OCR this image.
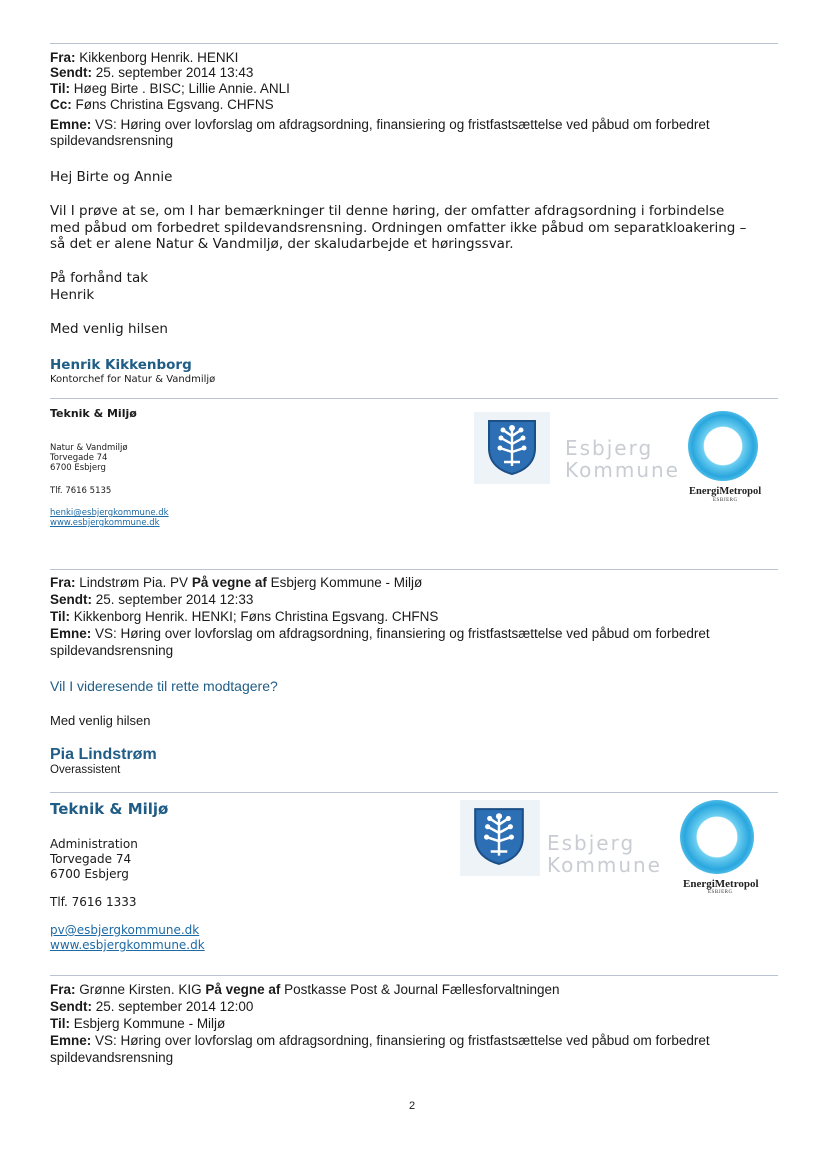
Fra: Kikkenborg Henrik. HENKI
Sendt: 25. september 2014 13:43
Til: Høeg Birte . BISC; Lillie Annie. ANLI
Cc: Føns Christina Egsvang. CHFNS
Emne: VS: Høring over lovforslag om afdragsordning, finansiering og fristfastsættelse ved påbud om forbedret
spildevandsrensning
Hej Birte og Annie
Vil I prøve at se, om I har bemærkninger til denne høring, der omfatter afdragsordning i forbindelse
med påbud om forbedret spildevandsrensning. Ordningen omfatter ikke påbud om separatkloakering –
så det er alene Natur & Vandmiljø, der skaludarbejde et høringssvar.
På forhånd tak
Henrik
Med venlig hilsen
Henrik Kikkenborg
Kontorchef for Natur & Vandmiljø
Teknik & Miljø
Natur & Vandmiljø
Torvegade 74
6700 Esbjerg
Tlf. 7616 5135
henki@esbjergkommune.dk
www.esbjergkommune.dk
Esbjerg
Kommune
EnergiMetropol
ESBJERG
Fra: Lindstrøm Pia. PV På vegne af Esbjerg Kommune - Miljø
Sendt: 25. september 2014 12:33
Til: Kikkenborg Henrik. HENKI; Føns Christina Egsvang. CHFNS
Emne: VS: Høring over lovforslag om afdragsordning, finansiering og fristfastsættelse ved påbud om forbedret
spildevandsrensning
Vil I videresende til rette modtagere?
Med venlig hilsen
Pia Lindstrøm
Overassistent
Teknik & Miljø
Administration
Torvegade 74
6700 Esbjerg
Tlf. 7616 1333
pv@esbjergkommune.dk
www.esbjergkommune.dk
Esbjerg
Kommune
EnergiMetropol
ESBJERG
Fra: Grønne Kirsten. KIG På vegne af Postkasse Post & Journal Fællesforvaltningen
Sendt: 25. september 2014 12:00
Til: Esbjerg Kommune - Miljø
Emne: VS: Høring over lovforslag om afdragsordning, finansiering og fristfastsættelse ved påbud om forbedret
spildevandsrensning
2
